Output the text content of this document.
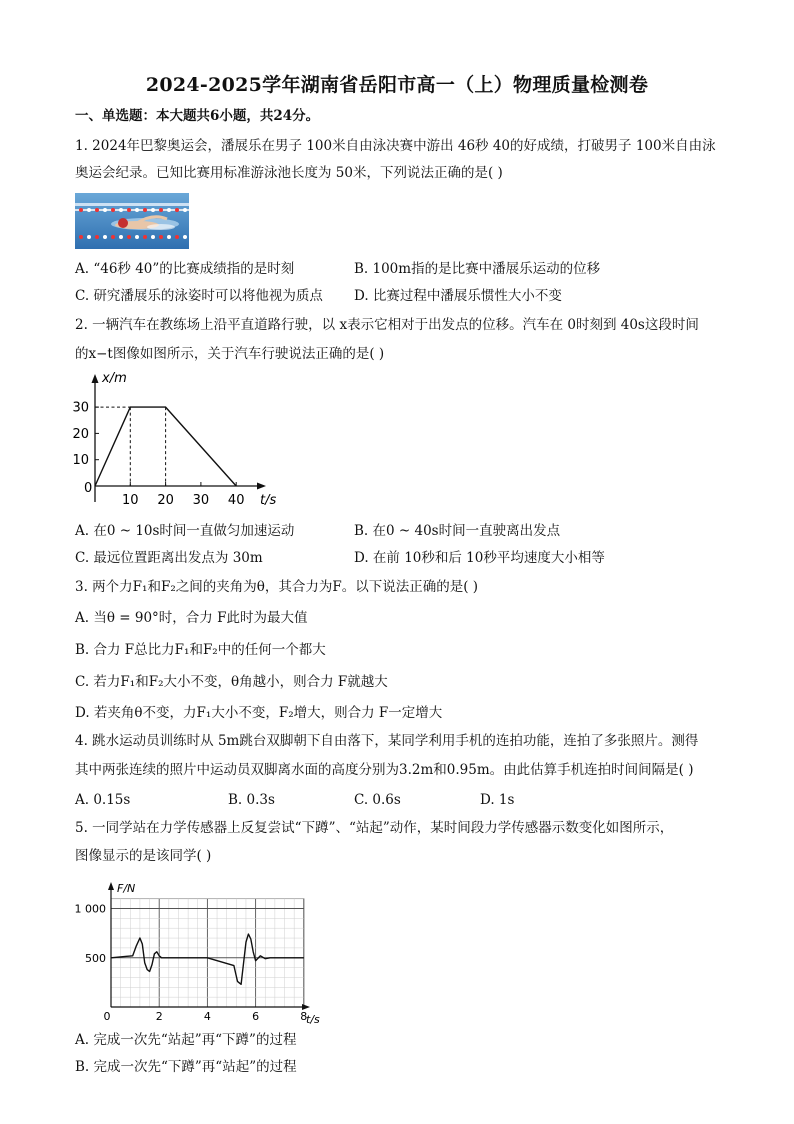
2024-2025学年湖南省岳阳市高一（上）物理质量检测卷
一、单选题：本大题共6小题，共24分。
1. 2024年巴黎奥运会，潘展乐在男子 100米自由泳决赛中游出 46秒 40的好成绩，打破男子 100米自由泳
奥运会纪录。已知比赛用标准游泳池长度为 50米，下列说法正确的是( )
A. “46秒 40”的比赛成绩指的是时刻	B. 100m指的是比赛中潘展乐运动的位移
C. 研究潘展乐的泳姿时可以将他视为质点 D. 比赛过程中潘展乐惯性大小不变
2. 一辆汽车在教练场上沿平直道路行驶，以 x表示它相对于出发点的位移。汽车在 0时刻到 40s这段时间
的x−t图像如图所示，关于汽车行驶说法正确的是( )
10
20
30
10 20 30 40
x/m
t/s
0
A. 在0 ~ 10s时间一直做匀加速运动	B. 在0 ~ 40s时间一直驶离出发点
C. 最远位置距离出发点为 30m	D. 在前 10秒和后 10秒平均速度大小相等
3. 两个力F₁和F₂之间的夹角为θ，其合力为F。以下说法正确的是( )
A. 当θ = 90°时，合力 F此时为最大值
B. 合力 F总比力F₁和F₂中的任何一个都大
C. 若力F₁和F₂大小不变，θ角越小，则合力 F就越大
D. 若夹角θ不变，力F₁大小不变，F₂增大，则合力 F一定增大
4. 跳水运动员训练时从 5m跳台双脚朝下自由落下，某同学利用手机的连拍功能，连拍了多张照片。测得
其中两张连续的照片中运动员双脚离水面的高度分别为3.2m和0.95m。由此估算手机连拍时间间隔是( )
A. 0.15s	B. 0.3s	C. 0.6s	D. 1s
5. 一同学站在力学传感器上反复尝试“下蹲”、“站起”动作，某时间段力学传感器示数变化如图所示，
图像显示的是该同学( )
500
1 000
0	2	4	6	8
F/N
t/s
A. 完成一次先“站起”再“下蹲”的过程
B. 完成一次先“下蹲”再“站起”的过程
